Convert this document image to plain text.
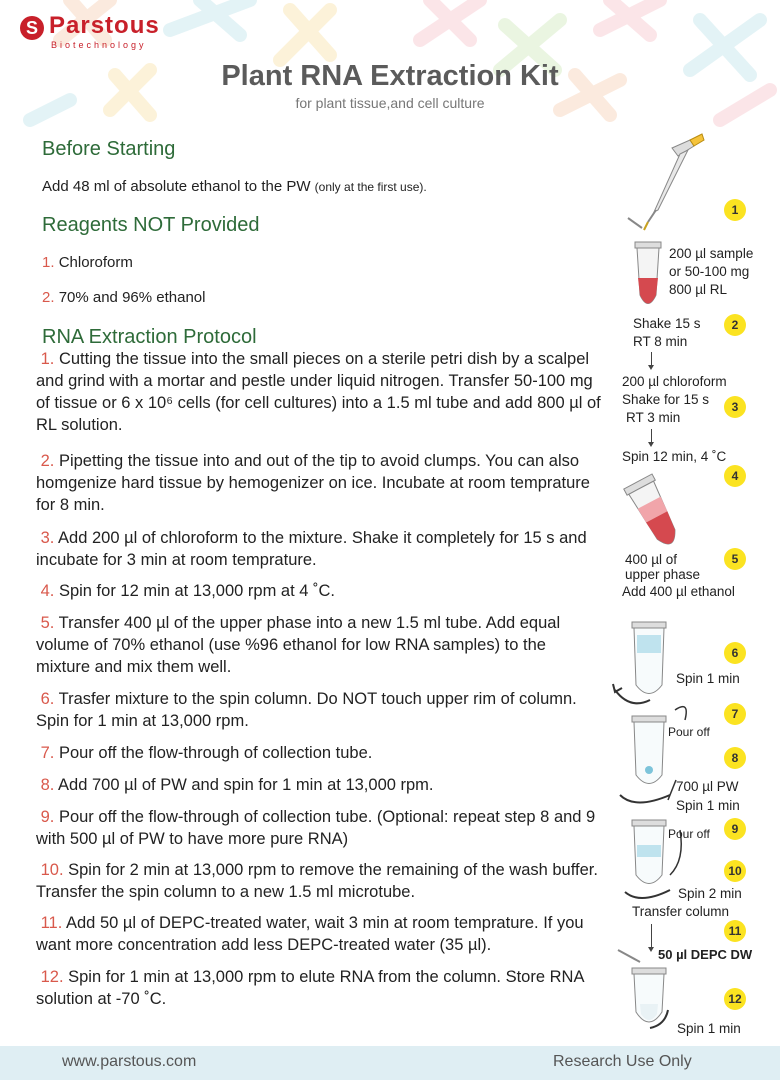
S Parstous
Biotechnology
Plant RNA Extraction Kit
for plant tissue,and cell culture
Before Starting
Add 48 ml of absolute ethanol to the PW (only at the first use).
Reagents NOT Provided
1. Chloroform
2. 70% and 96% ethanol
RNA Extraction Protocol
1. Cutting the tissue into the small pieces on a sterile petri dish by a scalpel and grind with a mortar and pestle under liquid nitrogen. Transfer 50-100 mg of tissue or 6 x 10⁶ cells (for cell cultures) into a 1.5 ml tube and add 800 µl of RL solution.
2. Pipetting the tissue into and out of the tip to avoid clumps. You can also homgenize hard tissue by hemogenizer on ice. Incubate at room temprature for 8 min.
3. Add 200 µl of chloroform to the mixture. Shake it completely for 15 s and incubate for 3 min at room temprature.
4. Spin for 12 min at 13,000 rpm at 4 ˚C.
5. Transfer 400 µl of the upper phase into a new 1.5 ml tube. Add equal volume of 70% ethanol (use %96 ethanol for low RNA samples) to the mixture and mix them well.
6. Trasfer mixture to the spin column. Do NOT touch upper rim of column. Spin for 1 min at 13,000 rpm.
7. Pour off the flow-through of collection tube.
8. Add 700 µl of PW and spin for 1 min at 13,000 rpm.
9. Pour off the flow-through of collection tube. (Optional: repeat step 8 and 9 with 500 µl of PW to have more pure RNA)
10. Spin for 2 min at 13,000 rpm to remove the remaining of the wash buffer. Transfer the spin column to a new 1.5 ml microtube.
11. Add 50 µl of DEPC-treated water, wait 3 min at room temprature. If you want more concentration add less DEPC-treated water (35 µl).
12. Spin for 1 min at 13,000 rpm to elute RNA from the column. Store RNA solution at -70 ˚C.
200 µl sample
or 50-100 mg
800 µl RL
Shake 15 s
RT 8 min
200 µl chloroform
Shake for 15 s
RT 3 min
Spin 12 min, 4 ˚C
400 µl of
upper phase
Add 400 µl ethanol
Spin 1 min
Pour off
700 µl PW
Spin 1 min
Pour off
Spin 2 min
Transfer column
50 µl DEPC DW
Spin 1 min
1
2
3
4
5
6
7
8
9
10
11
12
www.parstous.com	Research Use Only
